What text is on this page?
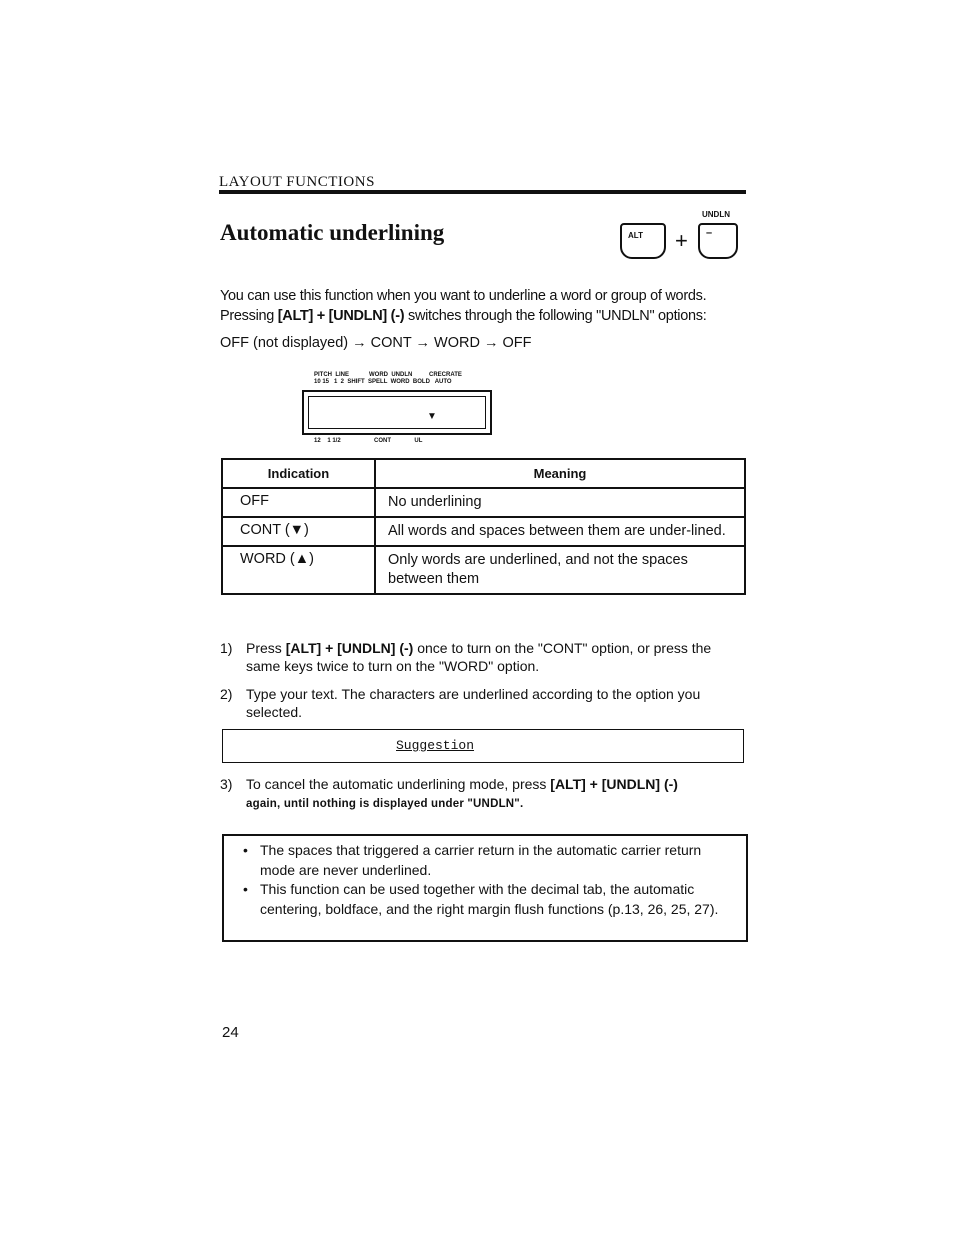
LAYOUT FUNCTIONS
Automatic underlining
UNDLN
ALT + –
You can use this function when you want to underline a word or group of words. Pressing [ALT] + [UNDLN] (-) switches through the following "UNDLN" options:
OFF (not displayed) → CONT → WORD → OFF
PITCH  LINE            WORD  UNDLN          CRECRATE
10 15   1  2  SHIFT  SPELL  WORD  BOLD   AUTO
▼
12    1 1/2                    CONT              UL
Indication	Meaning
OFF	No underlining
CONT (▼)	All words and spaces between them are under-lined.
WORD (▲)	Only words are underlined, and not the spaces between them
1) Press [ALT] + [UNDLN] (-) once to turn on the "CONT" option, or press the same keys twice to turn on the "WORD" option.
2) Type your text. The characters are underlined according to the option you selected.
Suggestion
3) To cancel the automatic underlining mode, press [ALT] + [UNDLN] (-)
again, until nothing is displayed under "UNDLN".
• The spaces that triggered a carrier return in the automatic carrier return mode are never underlined.
• This function can be used together with the decimal tab, the automatic centering, boldface, and the right margin flush functions (p.13, 26, 25, 27).
24
